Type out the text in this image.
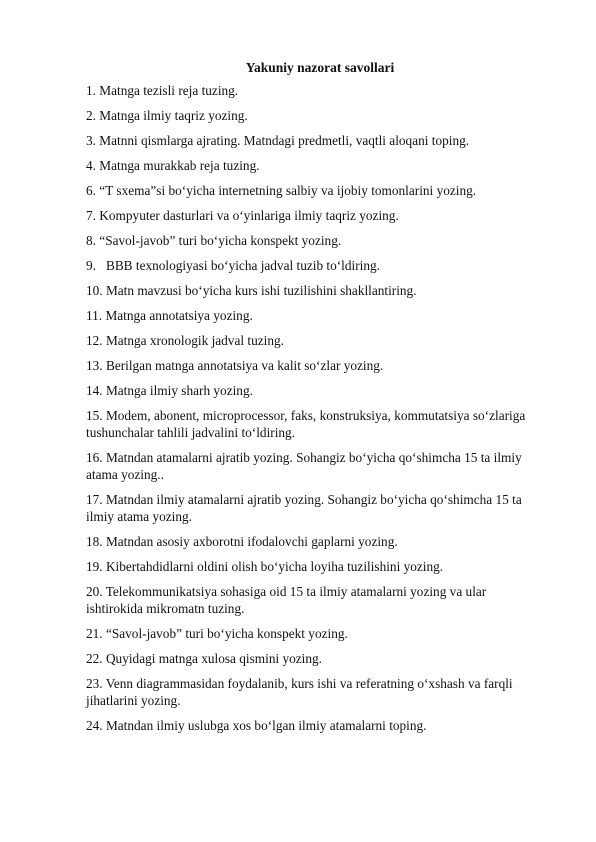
Yakuniy nazorat savollari
1. Matnga tezisli reja tuzing.
2. Matnga ilmiy taqriz yozing.
3. Matnni qismlarga ajrating. Matndagi predmetli, vaqtli aloqani toping.
4. Matnga murakkab reja tuzing.
6. “T sxema”si bo‘yicha internetning salbiy va ijobiy tomonlarini yozing.
7. Kompyuter dasturlari va o‘yinlariga ilmiy taqriz yozing.
8. “Savol-javob” turi bo‘yicha konspekt yozing.
9.   BBB texnologiyasi bo‘yicha jadval tuzib to‘ldiring.
10. Matn mavzusi bo‘yicha kurs ishi tuzilishini shakllantiring.
11. Matnga annotatsiya yozing.
12. Matnga xronologik jadval tuzing.
13. Berilgan matnga annotatsiya va kalit so‘zlar yozing.
14. Matnga ilmiy sharh yozing.
15. Modem, abonent, microprocessor, faks, konstruksiya, kommutatsiya so‘zlariga tushunchalar tahlili jadvalini to‘ldiring.
16. Matndan atamalarni ajratib yozing. Sohangiz bo‘yicha qo‘shimcha 15 ta ilmiy atama yozing..
17. Matndan ilmiy atamalarni ajratib yozing. Sohangiz bo‘yicha qo‘shimcha 15 ta ilmiy atama yozing.
18. Matndan asosiy axborotni ifodalovchi gaplarni yozing.
19. Kibertahdidlarni oldini olish bo‘yicha loyiha tuzilishini yozing.
20. Telekommunikatsiya sohasiga oid 15 ta ilmiy atamalarni yozing va ular ishtirokida mikromatn tuzing.
21. “Savol-javob” turi bo‘yicha konspekt yozing.
22. Quyidagi matnga xulosa qismini yozing.
23. Venn diagrammasidan foydalanib, kurs ishi va referatning o‘xshash va farqli jihatlarini yozing.
24. Matndan ilmiy uslubga xos bo‘lgan ilmiy atamalarni toping.
